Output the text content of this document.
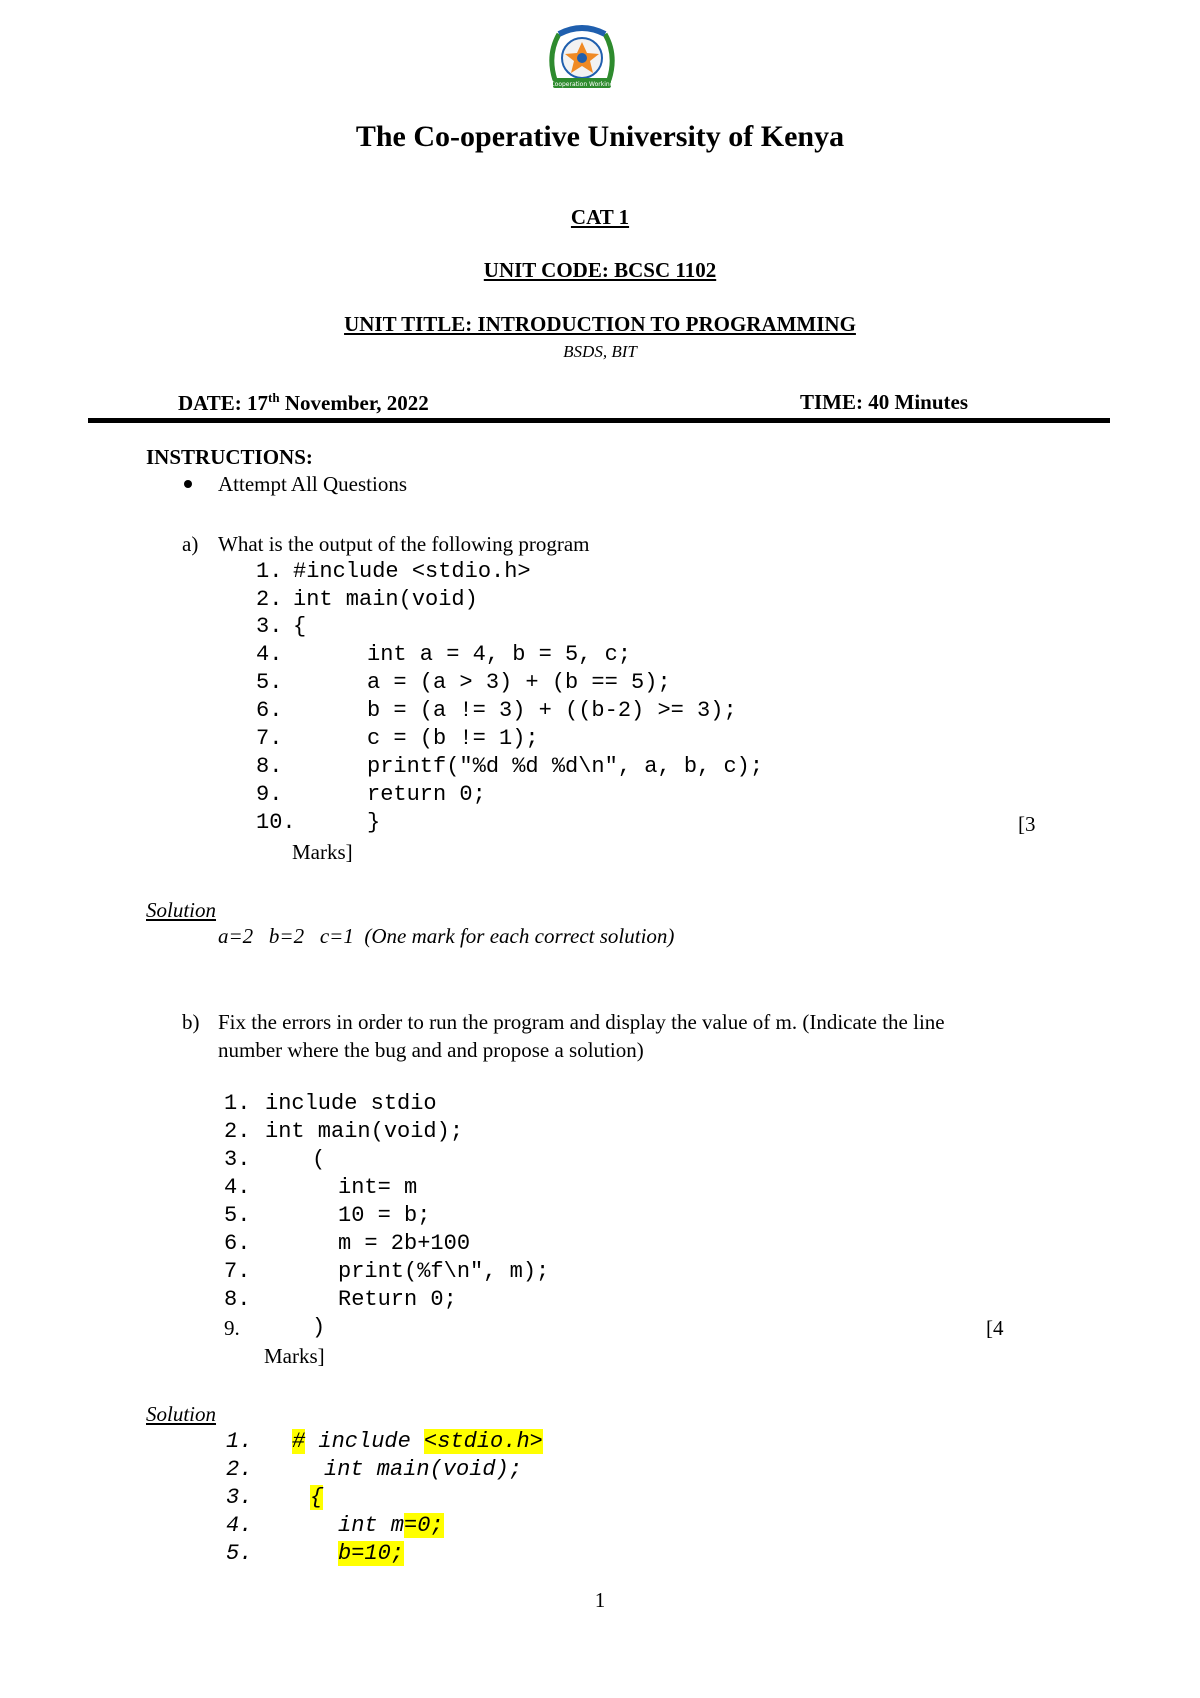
Cooperation Working
The Co-operative University of Kenya
CAT 1
UNIT CODE: BCSC 1102
UNIT TITLE: INTRODUCTION TO PROGRAMMING
BSDS, BIT
DATE: 17th November, 2022	TIME: 40 Minutes
INSTRUCTIONS:
Attempt All Questions
a) What is the output of the following program
1. #include <stdio.h>
2. int main(void)
3. {
4.	int a = 4, b = 5, c;
5.	a = (a > 3) + (b == 5);
6.	b = (a != 3) + ((b-2) >= 3);
7.	c = (b != 1);
8.	printf("%d %d %d\n", a, b, c);
9.	return 0;
10.	}	[3
Marks]
Solution
a=2   b=2   c=1  (One mark for each correct solution)
b) Fix the errors in order to run the program and display the value of m. (Indicate the line
number where the bug and and propose a solution)
1. include stdio
2. int main(void);
3.	(
4.	int= m
5.	10 = b;
6.	m = 2b+100
7.	print(%f\n", m);
8.	Return 0;
9.	)	[4
Marks]
Solution
1. # include <stdio.h>
2.	int main(void);
3.	{
4.	int m=0;
5.	b=10;
1
